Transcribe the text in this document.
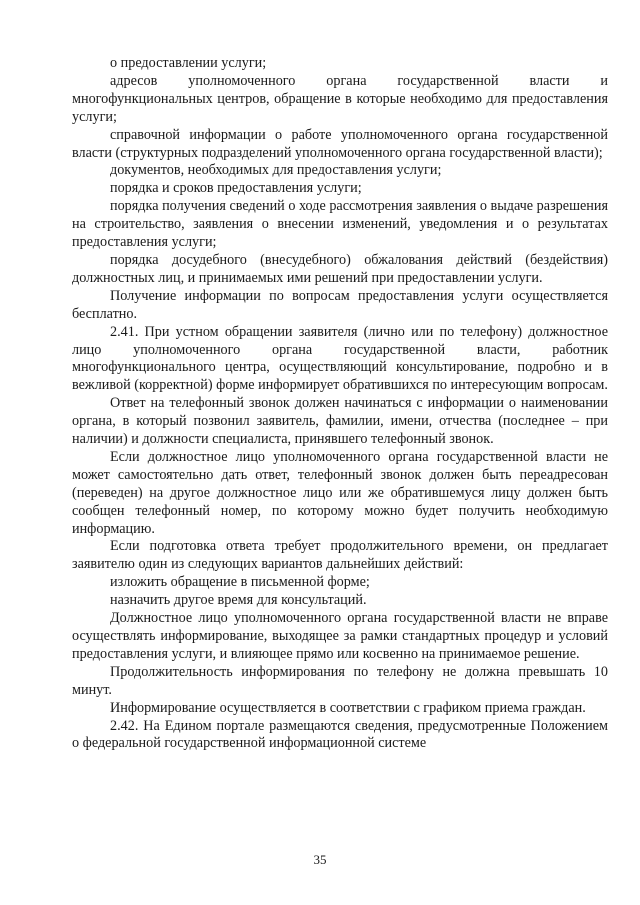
о предоставлении услуги;

адресов уполномоченного органа государственной власти и многофункциональных центров, обращение в которые необходимо для предоставления услуги;

справочной информации о работе уполномоченного органа государственной власти (структурных подразделений уполномоченного органа государственной власти);

документов, необходимых для предоставления услуги;

порядка и сроков предоставления услуги;

порядка получения сведений о ходе рассмотрения заявления о выдаче разрешения на строительство, заявления о внесении изменений, уведомления и о результатах предоставления услуги;

порядка досудебного (внесудебного) обжалования действий (бездействия) должностных лиц, и принимаемых ими решений при предоставлении услуги.

Получение информации по вопросам предоставления услуги осуществляется бесплатно.

2.41. При устном обращении заявителя (лично или по телефону) должностное лицо уполномоченного органа государственной власти, работник многофункционального центра, осуществляющий консультирование, подробно и в вежливой (корректной) форме информирует обратившихся по интересующим вопросам.

Ответ на телефонный звонок должен начинаться с информации о наименовании органа, в который позвонил заявитель, фамилии, имени, отчества (последнее – при наличии) и должности специалиста, принявшего телефонный звонок.

Если должностное лицо уполномоченного органа государственной власти не может самостоятельно дать ответ, телефонный звонок должен быть переадресован (переведен) на другое должностное лицо или же обратившемуся лицу должен быть сообщен телефонный номер, по которому можно будет получить необходимую информацию.

Если подготовка ответа требует продолжительного времени, он предлагает заявителю один из следующих вариантов дальнейших действий:

изложить обращение в письменной форме;

назначить другое время для консультаций.

Должностное лицо уполномоченного органа государственной власти не вправе осуществлять информирование, выходящее за рамки стандартных процедур и условий предоставления услуги, и влияющее прямо или косвенно на принимаемое решение.

Продолжительность информирования по телефону не должна превышать 10 минут.

Информирование осуществляется в соответствии с графиком приема граждан.

2.42. На Едином портале размещаются сведения, предусмотренные Положением о федеральной государственной информационной системе

35
